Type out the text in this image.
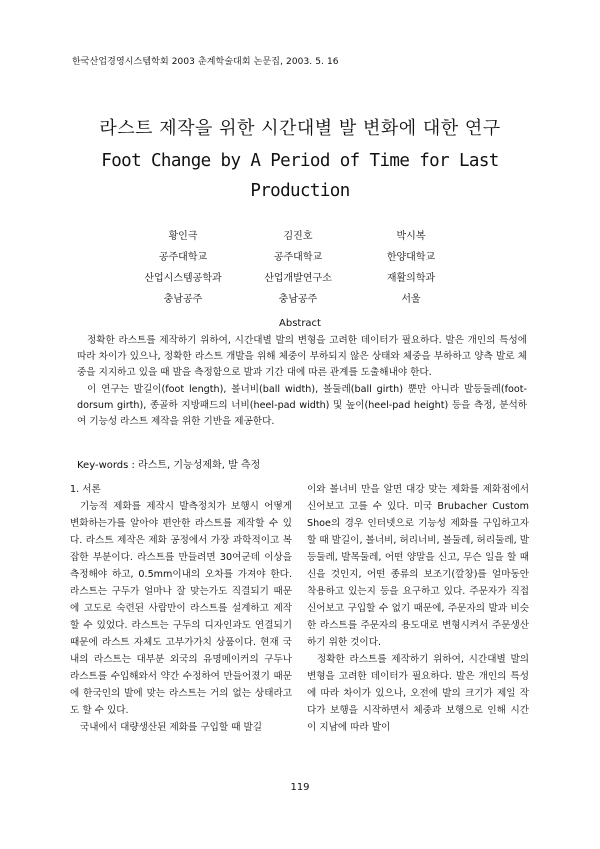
한국산업경영시스템학회 2003 춘계학술대회 논문집, 2003. 5. 16
라스트 제작을 위한 시간대별 발 변화에 대한 연구
Foot Change by A Period of Time for Last Production
황인극
공주대학교
산업시스템공학과
충남공주
김진호
공주대학교
산업개발연구소
충남공주
박시복
한양대학교
재활의학과
서울
Abstract

정확한 라스트를 제작하기 위하여, 시간대별 발의 변형을 고려한 데이터가 필요하다. 발은 개인의 특성에 따라 차이가 있으나, 정확한 라스트 개발을 위해 체중이 부하되지 않은 상태와 체중을 부하하고 양측 발로 체중을 지지하고 있을 때 발을 측정함으로 발과 기간 대에 따른 관계를 도출해내야 한다.

이 연구는 발길이(foot length), 볼너비(ball width), 볼둘레(ball girth) 뿐만 아니라 발등둘레(foot-dorsum girth), 종골하 지방패드의 너비(heel-pad width) 및 높이(heel-pad height) 등을 측정, 분석하여 기능성 라스트 제작을 위한 기반을 제공한다.

Key-words : 라스트, 기능성제화, 발 측정

1. 서론

기능적 제화를 제작시 발측정치가 보행시 어떻게 변화하는가를 알아야 편안한 라스트를 제작할 수 있다. 라스트 제작은 제화 공정에서 가장 과학적이고 복잡한 부분이다. 라스트를 만들려면 30여군데 이상을 측정해야 하고, 0.5mm이내의 오차를 가져야 한다. 라스트는 구두가 얼마나 잘 맞는가도 직결되기 때문에 고도로 숙련된 사람만이 라스트를 설계하고 제작할 수 있었다. 라스트는 구두의 디자인과도 연결되기 때문에 라스트 자체도 고부가가치 상품이다. 현재 국내의 라스트는 대부분 외국의 유명메이커의 구두나 라스트를 수입해와서 약간 수정하여 만들어졌기 때문에 한국인의 발에 맞는 라스트는 거의 없는 상태라고도 할 수 있다.

국내에서 대량생산된 제화를 구입할 때 발길

이와 볼너비 만을 알면 대강 맞는 제화를 제화점에서 신어보고 고를 수 있다. 미국 Brubacher Custom Shoe의 경우 인터넷으로 기능성 제화를 구입하고자 할 때 발길이, 볼너비, 허리너비, 볼둘레, 허리둘레, 발등둘레, 발목둘레, 어떤 양말을 신고, 무슨 일을 할 때 신을 것인지, 어떤 종류의 보조기(깔창)를 얼마동안 착용하고 있는지 등을 요구하고 있다. 주문자가 직접 신어보고 구입할 수 없기 때문에, 주문자의 발과 비슷한 라스트를 주문자의 용도대로 변형시켜서 주문생산하기 위한 것이다.

정확한 라스트를 제작하기 위하여, 시간대별 발의 변형을 고려한 데이터가 필요하다. 발은 개인의 특성에 따라 차이가 있으나, 오전에 발의 크기가 제일 작다가 보행을 시작하면서 체중과 보행으로 인해 시간이 지남에 따라 발이

119
